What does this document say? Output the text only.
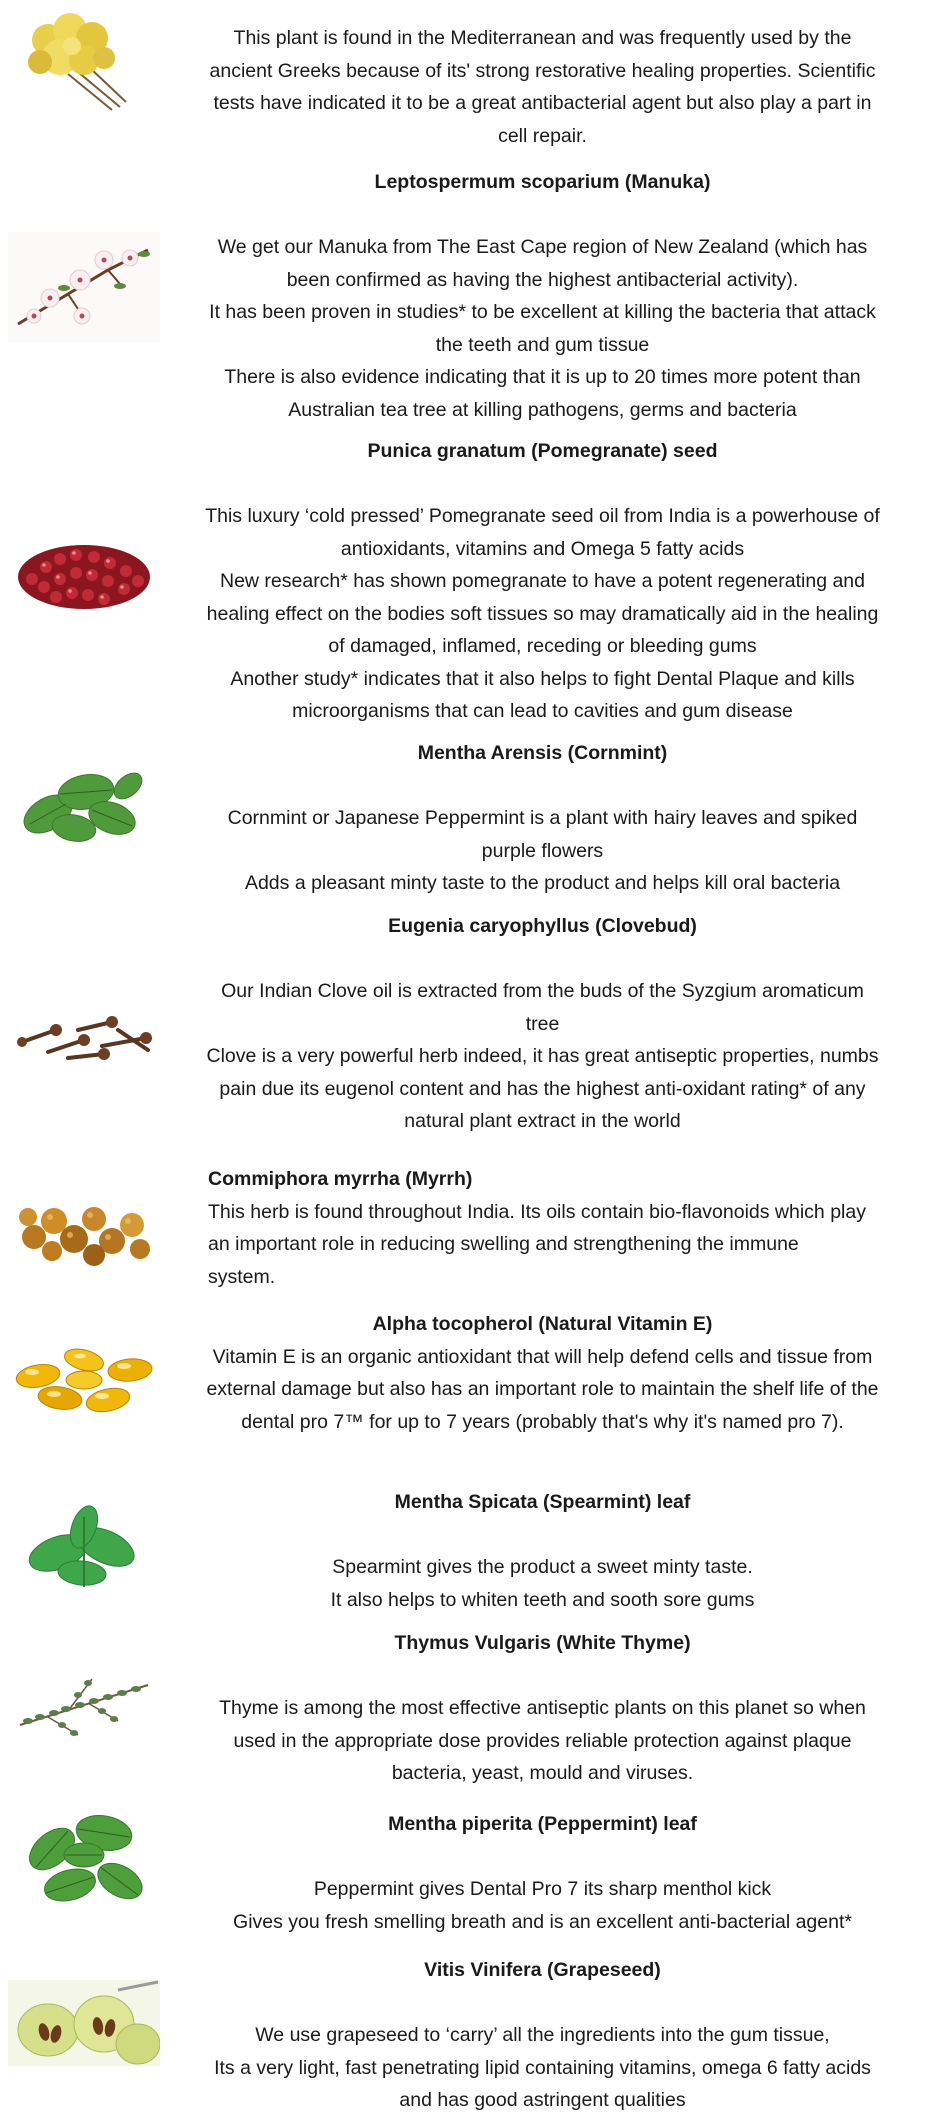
This plant is found in the Mediterranean and was frequently used by the ancient Greeks because of its' strong restorative healing properties. Scientific tests have indicated it to be a great antibacterial agent but also play a part in cell repair.

Leptospermum scoparium (Manuka)

We get our Manuka from The East Cape region of New Zealand (which has been confirmed as having the highest antibacterial activity).

It has been proven in studies* to be excellent at killing the bacteria that attack the teeth and gum tissue

There is also evidence indicating that it is up to 20 times more potent than Australian tea tree at killing pathogens, germs and bacteria

Punica granatum (Pomegranate) seed

This luxury ‘cold pressed’ Pomegranate seed oil from India is a powerhouse of antioxidants, vitamins and Omega 5 fatty acids

New research* has shown pomegranate to have a potent regenerating and healing effect on the bodies soft tissues so may dramatically aid in the healing of damaged, inflamed, receding or bleeding gums

Another study* indicates that it also helps to fight Dental Plaque and kills microorganisms that can lead to cavities and gum disease

Mentha Arensis (Cornmint)

Cornmint or Japanese Peppermint is a plant with hairy leaves and spiked purple flowers

Adds a pleasant minty taste to the product and helps kill oral bacteria

Eugenia caryophyllus (Clovebud)

Our Indian Clove oil is extracted from the buds of the Syzgium aromaticum tree

Clove is a very powerful herb indeed, it has great antiseptic properties, numbs pain due its eugenol content and has the highest anti-oxidant rating* of any natural plant extract in the world

Commiphora myrrha (Myrrh)

This herb is found throughout India. Its oils contain bio-flavonoids which play an important role in reducing swelling and strengthening the immune system.

Alpha tocopherol (Natural Vitamin E)

Vitamin E is an organic antioxidant that will help defend cells and tissue from external damage but also has an important role to maintain the shelf life of the dental pro 7™ for up to 7 years (probably that's why it's named pro 7).

Mentha Spicata (Spearmint) leaf

Spearmint gives the product a sweet minty taste.

It also helps to whiten teeth and sooth sore gums

Thymus Vulgaris (White Thyme)

Thyme is among the most effective antiseptic plants on this planet so when used in the appropriate dose provides reliable protection against plaque bacteria, yeast, mould and viruses.

Mentha piperita (Peppermint) leaf

Peppermint gives Dental Pro 7 its sharp menthol kick

Gives you fresh smelling breath and is an excellent anti-bacterial agent*

Vitis Vinifera (Grapeseed)

We use grapeseed to ‘carry’ all the ingredients into the gum tissue,

Its a very light, fast penetrating lipid containing vitamins, omega 6 fatty acids and has good astringent qualities
